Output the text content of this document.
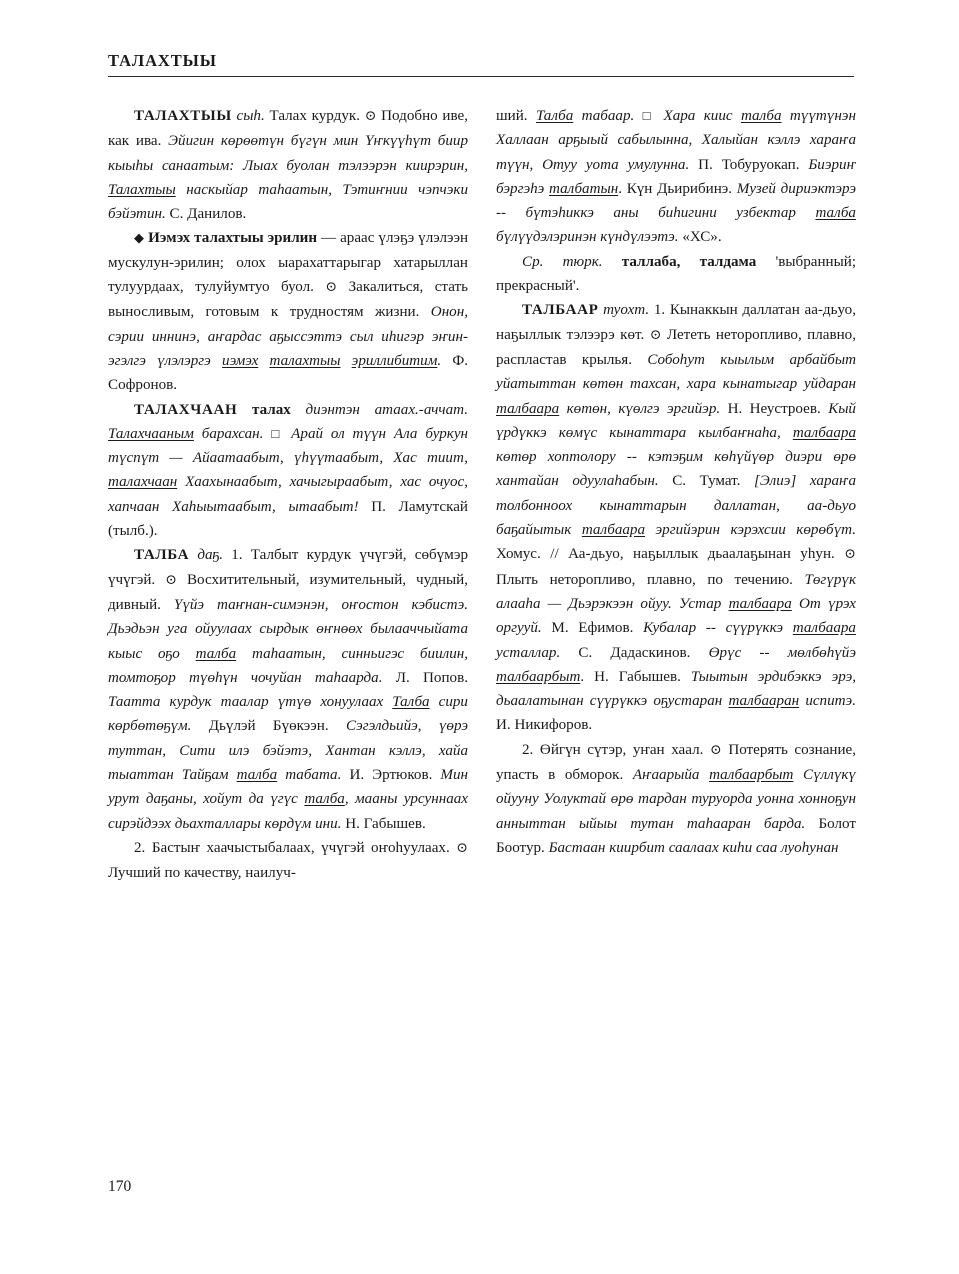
ТАЛАХТЫЫ

ТАЛАХТЫЫ сыһ. Талах курдук. ⊙ Подобно иве, как ива. Эйигин көрөөтүн бүгүн мин Үҥкүүһүт биир кыыһы санаатым: Лыах буолан тэлээрэн киирэрин, Талахтыы наскыйар таһаатын, Тэтиҥнии чэпчэки бэйэтин. С. Данилов.

◆ Иэмэх талахтыы эрилин — араас үлэҕэ үлэлээн мускулун-эрилин; олох ыарахаттарыгар хатарыллан тулуурдаах, тулуйумтуо буол. ⊙ Закалиться, стать выносливым, готовым к трудностям жизни. Онон, сэрии иннинэ, аҥардас аҕыссэттэ сыл иһигэр эҥин-эгэлгэ үлэлэргэ иэмэх талахтыы эриллибитим. Ф. Софронов.

ТАЛАХЧААН талах диэнтэн атаах.-аччат. Талахчааным барахсан. □ Арай ол түүн Ала буркун түспүт — Айаатаабыт, үһүүтаабыт, Хас тиит, талахчаан Хаахынаабыт, хачыгыраабыт, хас очуос, хапчаан Хаһыытаабыт, ытаабыт! П. Ламутскай (тылб.).

ТАЛБА даҕ. 1. Талбыт курдук үчүгэй, сөбүмэр үчүгэй. ⊙ Восхитительный, изумительный, чудный, дивный. Үүйэ таҥнан-симэнэн, оҥостон кэбистэ. Дьэдьэн уга ойуулаах сырдык өҥнөөх былааччыйата кыыс оҕо талба таһаатын, синньигэс биилин, томтоҕор түөһүн чочуйан таһаарда. Л. Попов. Таатта курдук таалар үтүө хонуулаах Талба сири көрбөтөҕүм. Дьүлэй Бүөкээн. Сэгэлдьийэ, үөрэ туттан, Сити илэ бэйэтэ, Хантан кэллэ, хайа тыаттан Тайҕам талба табата. И. Эртюков. Мин урут даҕаны, хойут да үгүс талба, мааны урсуннаах сирэйдээх дьахталлары көрдүм ини. Н. Габышев.

2. Бастыҥ хаачыстыбалаах, үчүгэй оҥоһуулаах. ⊙ Лучший по качеству, наилуч-

ший. Талба табаар. □ Хара киис талба түүтүнэн Халлаан арҕыый сабылынна, Халыйан кэллэ хараҥа түүн, Отуу уота умулунна. П. Тобуруокап. Биэриҥ бэргэһэ талбатын. Күн Дьирибинэ. Музей дириэктэрэ -- бүтэһиккэ аны биһигини узбектар талба бүлүүдэлэринэн күндүлээтэ. «ХС».

Ср. тюрк. таллаба, талдама 'выбранный; прекрасный'.

ТАЛБААР туохт. 1. Кынаккын даллатан аа-дьуо, наҕыллык тэлээрэ көт. ⊙ Лететь неторопливо, плавно, распластав крылья. Собоһут кыылым арбайбыт уйатыттан көтөн тахсан, хара кынатыгар уйдаран талбаара көтөн, күөлгэ эргийэр. Н. Неустроев. Кый үрдүккэ көмүс кынаттара кылбаҥнаһа, талбаара көтөр хоптолору -- кэтэҕим көһүйүөр диэри өрө хантайан одуулаһабын. С. Тумат. [Элиэ] хараҥа толбонноох кынаттарын даллатан, аа-дьуо баҕайытык талбаара эргийэрин кэрэхсии көрөбүт. Хомус. // Аа-дьуо, наҕыллык дьаалаҕынан уһун. ⊙ Плыть неторопливо, плавно, по течению. Төгүрүк алааһа — Дьэрэкээн ойуу. Устар талбаара От үрэх оргууй. М. Ефимов. Кубалар -- сүүрүккэ талбаара усталлар. С. Дадаскинов. Өрүс -- мөлбөһүйэ талбаарбыт. Н. Габышев. Тыытын эрдибэккэ эрэ, дьаалатынан сүүрүккэ оҕустаран талбааран испитэ. И. Никифоров.

2. Өйгүн сүтэр, уҥан хаал. ⊙ Потерять сознание, упасть в обморок. Аҥаарыйа талбаарбыт Сүллүкү ойууну Уолуктай өрө тардан туруорда уонна хонноҕун анныттан ыйыы тутан таһааран барда. Болот Боотур. Бастаан киирбит саалаах киһи саа луоһунан

170
